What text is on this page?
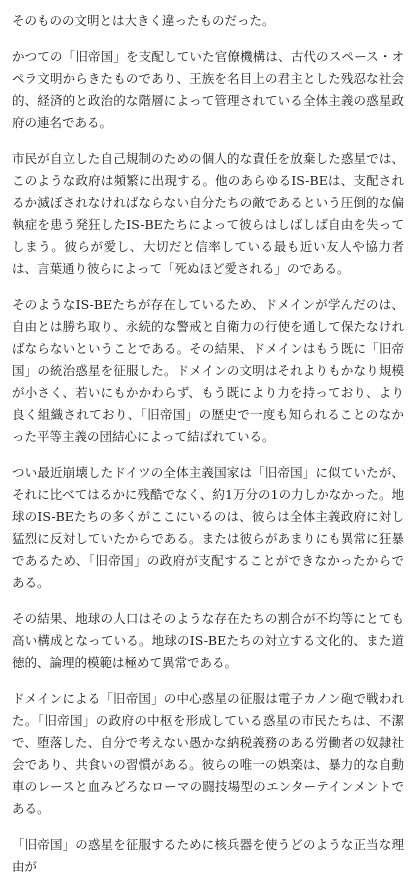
そのものの文明とは大きく違ったものだった。

かつての「旧帝国」を支配していた官僚機構は、古代のスペース・オペラ文明からきたものであり、王族を名目上の君主とした残忍な社会的、経済的と政治的な階層によって管理されている全体主義の惑星政府の連名である。

市民が自立した自己規制のための個人的な責任を放棄した惑星では、このような政府は頻繁に出現する。他のあらゆるIS-BEは、支配されるか滅ぼされなければならない自分たちの敵であるという圧倒的な偏執症を患う発狂したIS-BEたちによって彼らはしばしば自由を失ってしまう。彼らが愛し、大切だと信率している最も近い友人や協力者は、言葉通り彼らによって「死ぬほど愛される」のである。

そのようなIS-BEたちが存在しているため、ドメインが学んだのは、自由とは勝ち取り、永続的な警戒と自衛力の行使を通して保たなければならないということである。その結果、ドメインはもう既に「旧帝国」の統治惑星を征服した。ドメインの文明はそれよりもかなり規模が小さく、若いにもかかわらず、もう既により力を持っており、より良く組織されており、「旧帝国」の歴史で一度も知られることのなかった平等主義の団結心によって結ばれている。

つい最近崩壊したドイツの全体主義国家は「旧帝国」に似ていたが、それに比べてはるかに残酷でなく、約1万分の1の力しかなかった。地球のIS-BEたちの多くがここにいるのは、彼らは全体主義政府に対し猛烈に反対していたからである。または彼らがあまりにも異常に狂暴であるため、「旧帝国」の政府が支配することができなかったからである。

その結果、地球の人口はそのような存在たちの割合が不均等にとても高い構成となっている。地球のIS-BEたちの対立する文化的、また道徳的、論理的模範は極めて異常である。

ドメインによる「旧帝国」の中心惑星の征服は電子カノン砲で戦われた。「旧帝国」の政府の中枢を形成している惑星の市民たちは、不潔で、堕落した、自分で考えない愚かな納税義務のある労働者の奴隷社会であり、共食いの習慣がある。彼らの唯一の娯楽は、暴力的な自動車のレースと血みどろなローマの闘技場型のエンターテインメントである。

「旧帝国」の惑星を征服するために核兵器を使うどのような正当な理由が
